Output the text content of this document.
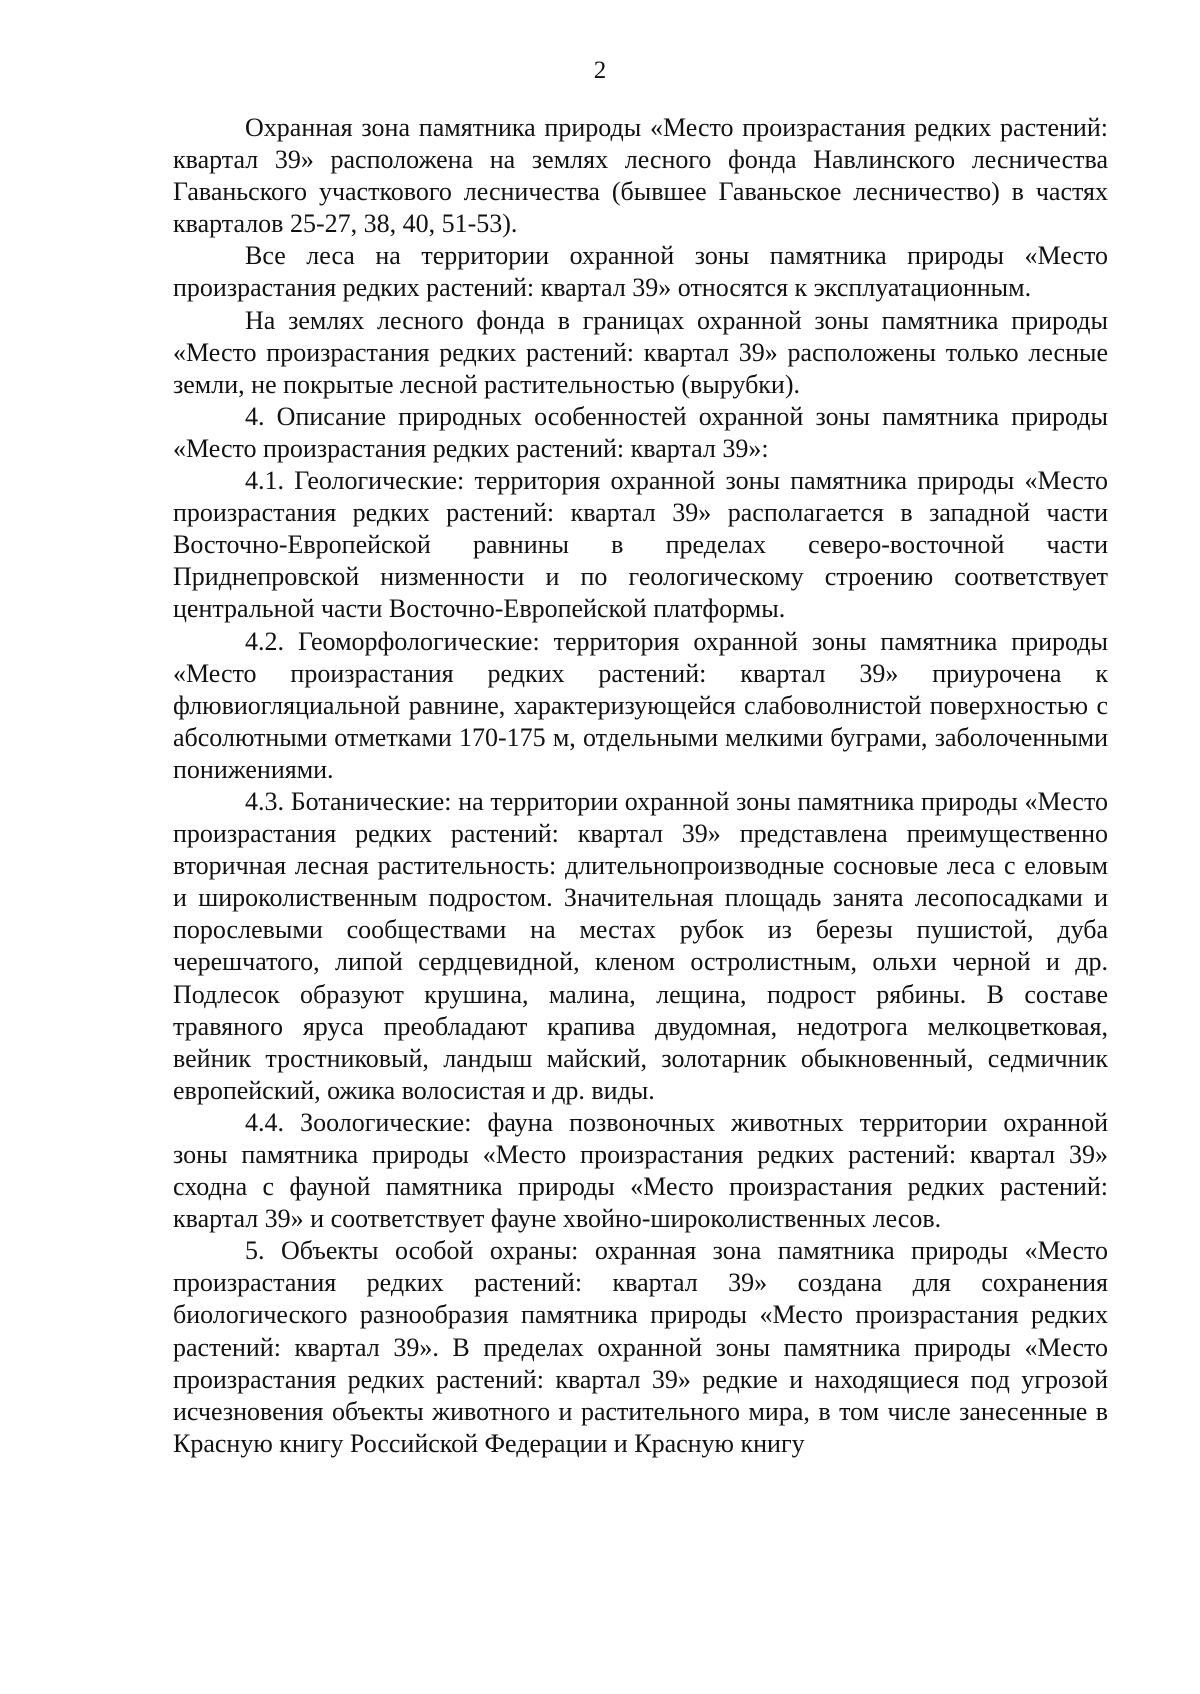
2

Охранная зона памятника природы «Место произрастания редких растений: квартал 39» расположена на землях лесного фонда Навлинского лесничества Гаваньского участкового лесничества (бывшее Гаваньское лесничество) в частях кварталов 25-27, 38, 40, 51-53).

Все леса на территории охранной зоны памятника природы «Место произрастания редких растений: квартал 39» относятся к эксплуатационным.

На землях лесного фонда в границах охранной зоны памятника природы «Место произрастания редких растений: квартал 39» расположены только лесные земли, не покрытые лесной растительностью (вырубки).

4. Описание природных особенностей охранной зоны памятника природы «Место произрастания редких растений: квартал 39»:

4.1. Геологические: территория охранной зоны памятника природы «Место произрастания редких растений: квартал 39» располагается в западной части Восточно-Европейской равнины в пределах северо-восточной части Приднепровской низменности и по геологическому строению соответствует центральной части Восточно-Европейской платформы.

4.2. Геоморфологические: территория охранной зоны памятника природы «Место произрастания редких растений: квартал 39» приурочена к флювиогляциальной равнине, характеризующейся слабоволнистой поверхностью с абсолютными отметками 170-175 м, отдельными мелкими буграми, заболоченными понижениями.

4.3. Ботанические: на территории охранной зоны памятника природы «Место произрастания редких растений: квартал 39» представлена преимущественно вторичная лесная растительность: длительнопроизводные сосновые леса с еловым и широколиственным подростом. Значительная площадь занята лесопосадками и порослевыми сообществами на местах рубок из березы пушистой, дуба черешчатого, липой сердцевидной, кленом остролистным, ольхи черной и др. Подлесок образуют крушина, малина, лещина, подрост рябины. В составе травяного яруса преобладают крапива двудомная, недотрога мелкоцветковая, вейник тростниковый, ландыш майский, золотарник обыкновенный, седмичник европейский, ожика волосистая и др. виды.

4.4. Зоологические: фауна позвоночных животных территории охранной зоны памятника природы «Место произрастания редких растений: квартал 39» сходна с фауной памятника природы «Место произрастания редких растений: квартал 39» и соответствует фауне хвойно-широколиственных лесов.

5. Объекты особой охраны: охранная зона памятника природы «Место произрастания редких растений: квартал 39» создана для сохранения биологического разнообразия памятника природы «Место произрастания редких растений: квартал 39». В пределах охранной зоны памятника природы «Место произрастания редких растений: квартал 39» редкие и находящиеся под угрозой исчезновения объекты животного и растительного мира, в том числе занесенные в Красную книгу Российской Федерации и Красную книгу
